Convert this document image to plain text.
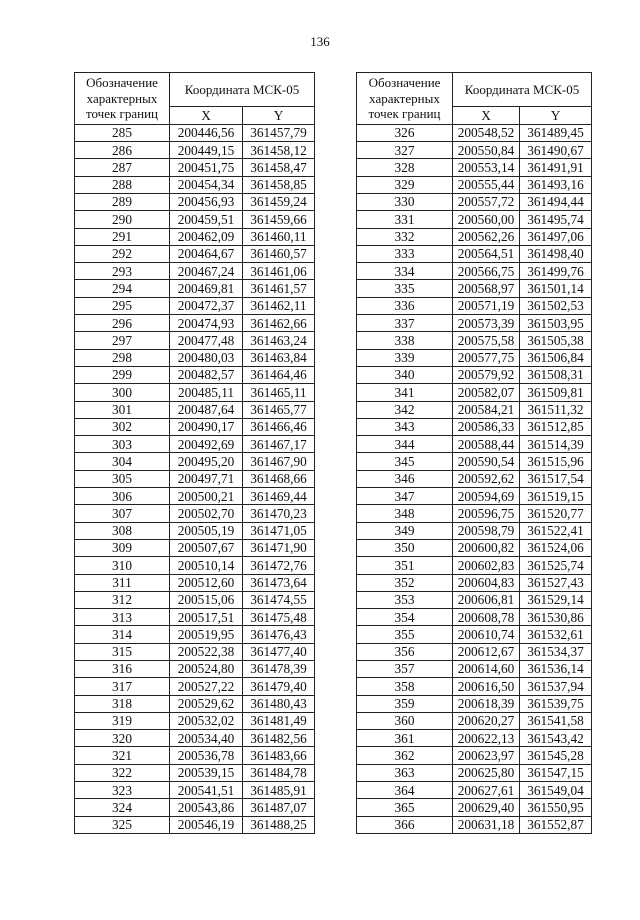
136
Обозначение характерных точек границ	Координата МСК-05	
	X	Y
285	200446,56	361457,79
286	200449,15	361458,12
287	200451,75	361458,47
288	200454,34	361458,85
289	200456,93	361459,24
290	200459,51	361459,66
291	200462,09	361460,11
292	200464,67	361460,57
293	200467,24	361461,06
294	200469,81	361461,57
295	200472,37	361462,11
296	200474,93	361462,66
297	200477,48	361463,24
298	200480,03	361463,84
299	200482,57	361464,46
300	200485,11	361465,11
301	200487,64	361465,77
302	200490,17	361466,46
303	200492,69	361467,17
304	200495,20	361467,90
305	200497,71	361468,66
306	200500,21	361469,44
307	200502,70	361470,23
308	200505,19	361471,05
309	200507,67	361471,90
310	200510,14	361472,76
311	200512,60	361473,64
312	200515,06	361474,55
313	200517,51	361475,48
314	200519,95	361476,43
315	200522,38	361477,40
316	200524,80	361478,39
317	200527,22	361479,40
318	200529,62	361480,43
319	200532,02	361481,49
320	200534,40	361482,56
321	200536,78	361483,66
322	200539,15	361484,78
323	200541,51	361485,91
324	200543,86	361487,07
325	200546,19	361488,25
Обозначение характерных точек границ	Координата МСК-05	
	X	Y
326	200548,52	361489,45
327	200550,84	361490,67
328	200553,14	361491,91
329	200555,44	361493,16
330	200557,72	361494,44
331	200560,00	361495,74
332	200562,26	361497,06
333	200564,51	361498,40
334	200566,75	361499,76
335	200568,97	361501,14
336	200571,19	361502,53
337	200573,39	361503,95
338	200575,58	361505,38
339	200577,75	361506,84
340	200579,92	361508,31
341	200582,07	361509,81
342	200584,21	361511,32
343	200586,33	361512,85
344	200588,44	361514,39
345	200590,54	361515,96
346	200592,62	361517,54
347	200594,69	361519,15
348	200596,75	361520,77
349	200598,79	361522,41
350	200600,82	361524,06
351	200602,83	361525,74
352	200604,83	361527,43
353	200606,81	361529,14
354	200608,78	361530,86
355	200610,74	361532,61
356	200612,67	361534,37
357	200614,60	361536,14
358	200616,50	361537,94
359	200618,39	361539,75
360	200620,27	361541,58
361	200622,13	361543,42
362	200623,97	361545,28
363	200625,80	361547,15
364	200627,61	361549,04
365	200629,40	361550,95
366	200631,18	361552,87
